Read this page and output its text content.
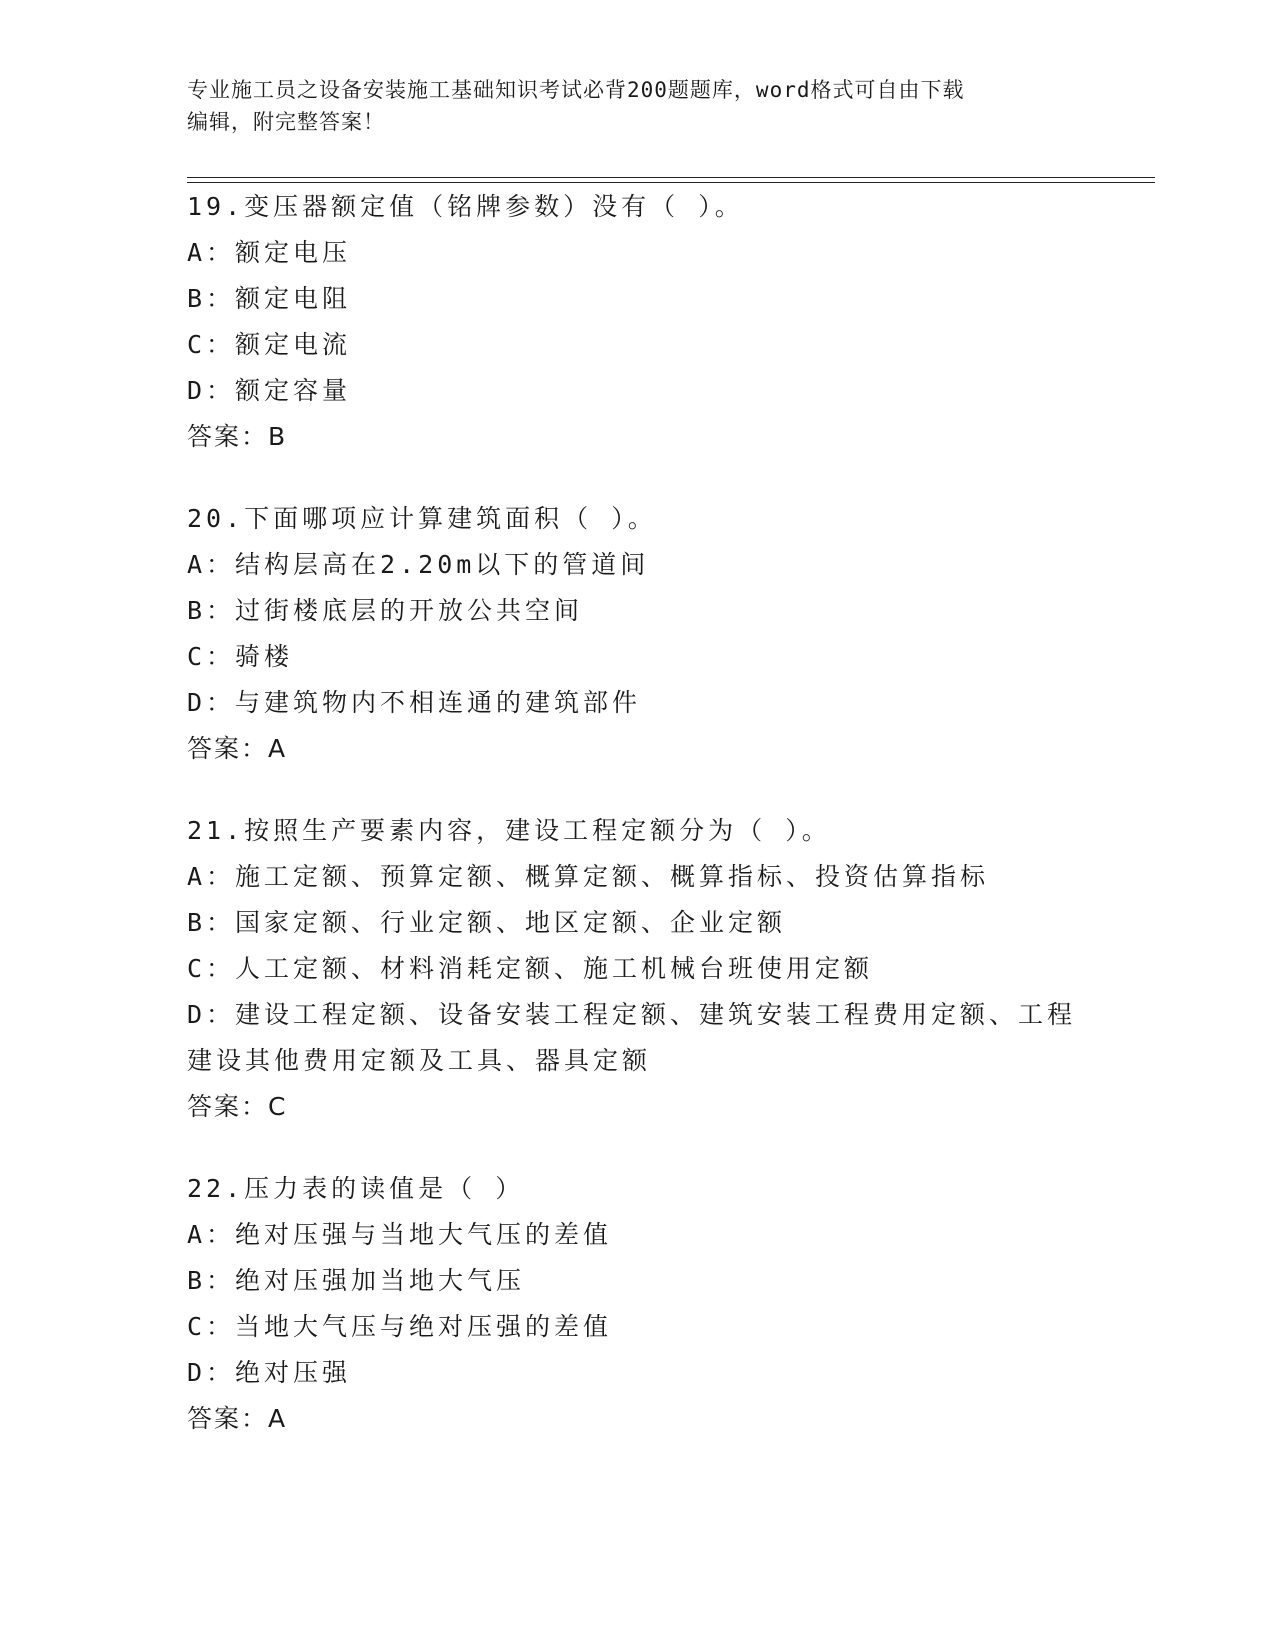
专业施工员之设备安装施工基础知识考试必背200题题库，word格式可自由下载
编辑，附完整答案！
19.变压器额定值（铭牌参数）没有（ ）。
A：额定电压
B：额定电阻
C：额定电流
D：额定容量
答案：B
20.下面哪项应计算建筑面积（ ）。
A：结构层高在2.20m以下的管道间
B：过街楼底层的开放公共空间
C：骑楼
D：与建筑物内不相连通的建筑部件
答案：A
21.按照生产要素内容，建设工程定额分为（ ）。
A：施工定额、预算定额、概算定额、概算指标、投资估算指标
B：国家定额、行业定额、地区定额、企业定额
C：人工定额、材料消耗定额、施工机械台班使用定额
D：建设工程定额、设备安装工程定额、建筑安装工程费用定额、工程建设其他费用定额及工具、器具定额
答案：C
22.压力表的读值是（ ）
A：绝对压强与当地大气压的差值
B：绝对压强加当地大气压
C：当地大气压与绝对压强的差值
D：绝对压强
答案：A
